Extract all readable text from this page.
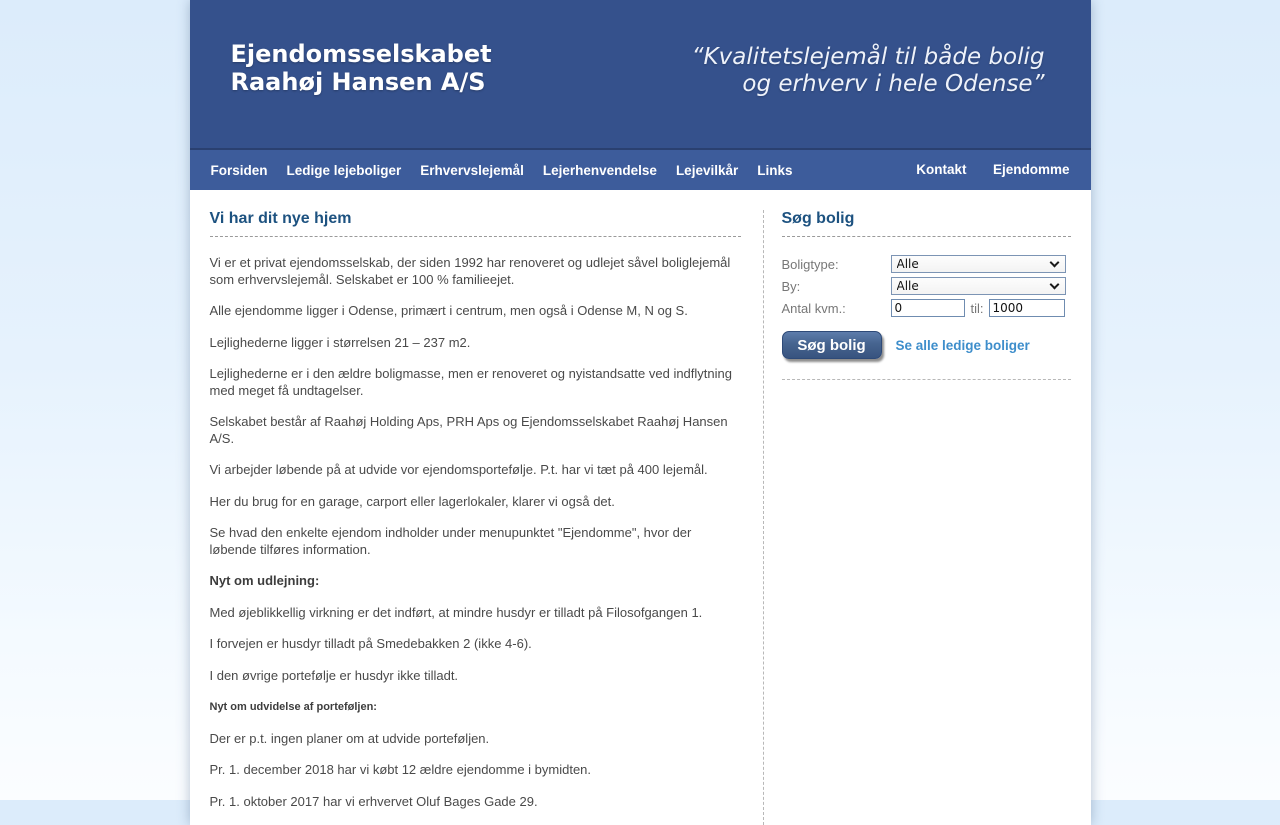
Ejendomsselskabet
Raahøj Hansen A/S
“Kvalitetslejemål til både bolig
og erhverv i hele Odense”
Forsiden Ledige lejeboliger Erhvervslejemål Lejerhenvendelse Lejevilkår Links	Kontakt Ejendomme
Vi har dit nye hjem

Vi er et privat ejendomsselskab, der siden 1992 har renoveret og udlejet såvel boliglejemål som erhvervslejemål. Selskabet er 100 % familieejet.

Alle ejendomme ligger i Odense, primært i centrum, men også i Odense M, N og S.

Lejlighederne ligger i størrelsen 21 – 237 m2.

Lejlighederne er i den ældre boligmasse, men er renoveret og nyistandsatte ved indflytning med meget få undtagelser.

Selskabet består af Raahøj Holding Aps, PRH Aps og Ejendomsselskabet Raahøj Hansen A/S.

Vi arbejder løbende på at udvide vor ejendomsportefølje. P.t. har vi tæt på 400 lejemål.

Her du brug for en garage, carport eller lagerlokaler, klarer vi også det.

Se hvad den enkelte ejendom indholder under menupunktet "Ejendomme", hvor der løbende tilføres information.

Nyt om udlejning:

Med øjeblikkellig virkning er det indført, at mindre husdyr er tilladt på Filosofgangen 1.

I forvejen er husdyr tilladt på Smedebakken 2 (ikke 4-6).

I den øvrige portefølje er husdyr ikke tilladt.

Nyt om udvidelse af porteføljen:

Der er p.t. ingen planer om at udvide porteføljen.

Pr. 1. december 2018 har vi købt 12 ældre ejendomme i bymidten.

Pr. 1. oktober 2017 har vi erhvervet Oluf Bages Gade 29.

Søg bolig
Boligtype:
Alle
By:
Alle
Antal kvm.:
0	til:
1000
Søg bolig	Se alle ledige boliger
